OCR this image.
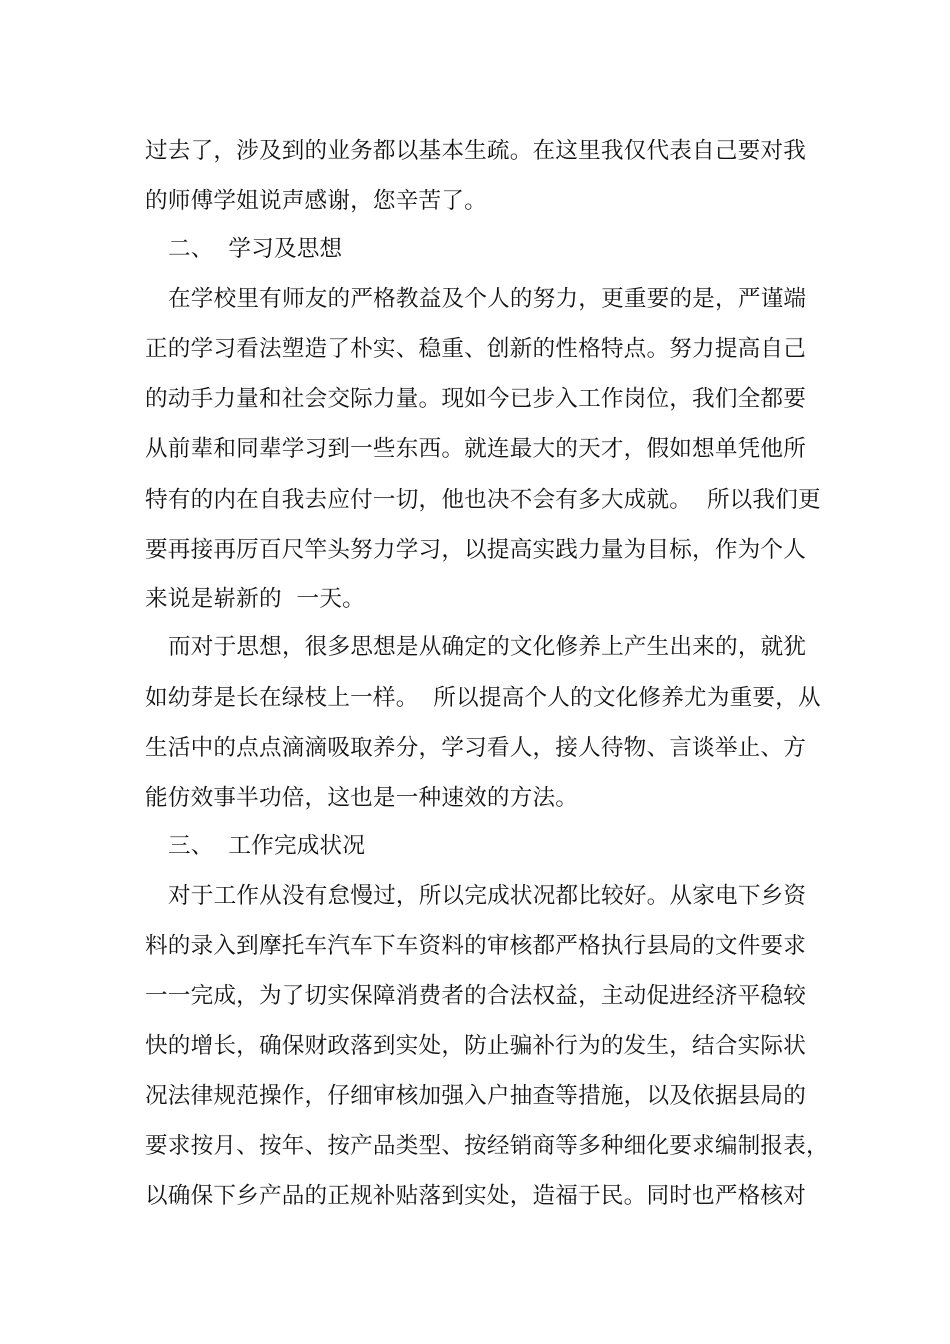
过去了，涉及到的业务都以基本生疏。在这里我仅代表自己要对我
的师傅学姐说声感谢，您辛苦了。
二、  学习及思想
在学校里有师友的严格教益及个人的努力，更重要的是，严谨端
正的学习看法塑造了朴实、稳重、创新的性格特点。努力提高自己
的动手力量和社会交际力量。现如今已步入工作岗位，我们全都要
从前辈和同辈学习到一些东西。就连最大的天才，假如想单凭他所
特有的内在自我去应付一切，他也决不会有多大成就。  所以我们更
要再接再厉百尺竿头努力学习，以提高实践力量为目标，作为个人
来说是崭新的  一天。
而对于思想，很多思想是从确定的文化修养上产生出来的，就犹
如幼芽是长在绿枝上一样。  所以提高个人的文化修养尤为重要，从
生活中的点点滴滴吸取养分，学习看人，接人待物、言谈举止、方
能仿效事半功倍，这也是一种速效的方法。
三、  工作完成状况
对于工作从没有怠慢过，所以完成状况都比较好。从家电下乡资
料的录入到摩托车汽车下车资料的审核都严格执行县局的文件要求
一一完成，为了切实保障消费者的合法权益，主动促进经济平稳较
快的增长，确保财政落到实处，防止骗补行为的发生，结合实际状
况法律规范操作，仔细审核加强入户抽查等措施，以及依据县局的
要求按月、按年、按产品类型、按经销商等多种细化要求编制报表，
以确保下乡产品的正规补贴落到实处，造福于民。同时也严格核对
